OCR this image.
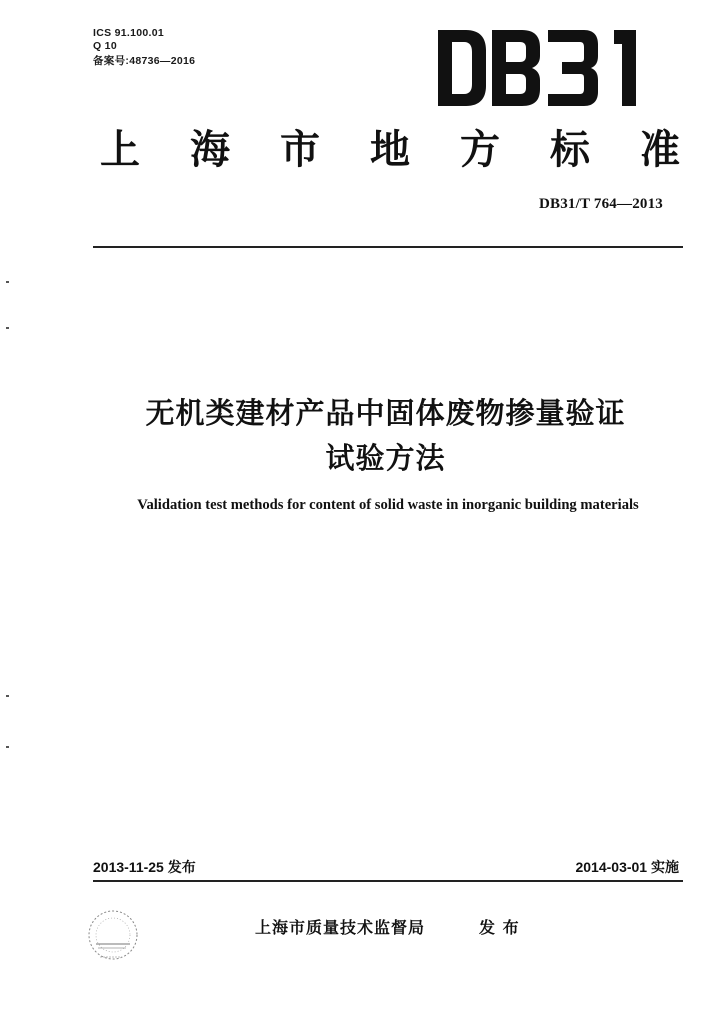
ICS 91.100.01
Q 10
备案号:48736—2016
上 海 市 地 方 标 准
DB31/T 764—2013
无机类建材产品中固体废物掺量验证
试验方法
Validation test methods for content of solid waste in inorganic building materials
2013-11-25 发布	2014-03-01 实施
上海市质量技术监督局	发 布
